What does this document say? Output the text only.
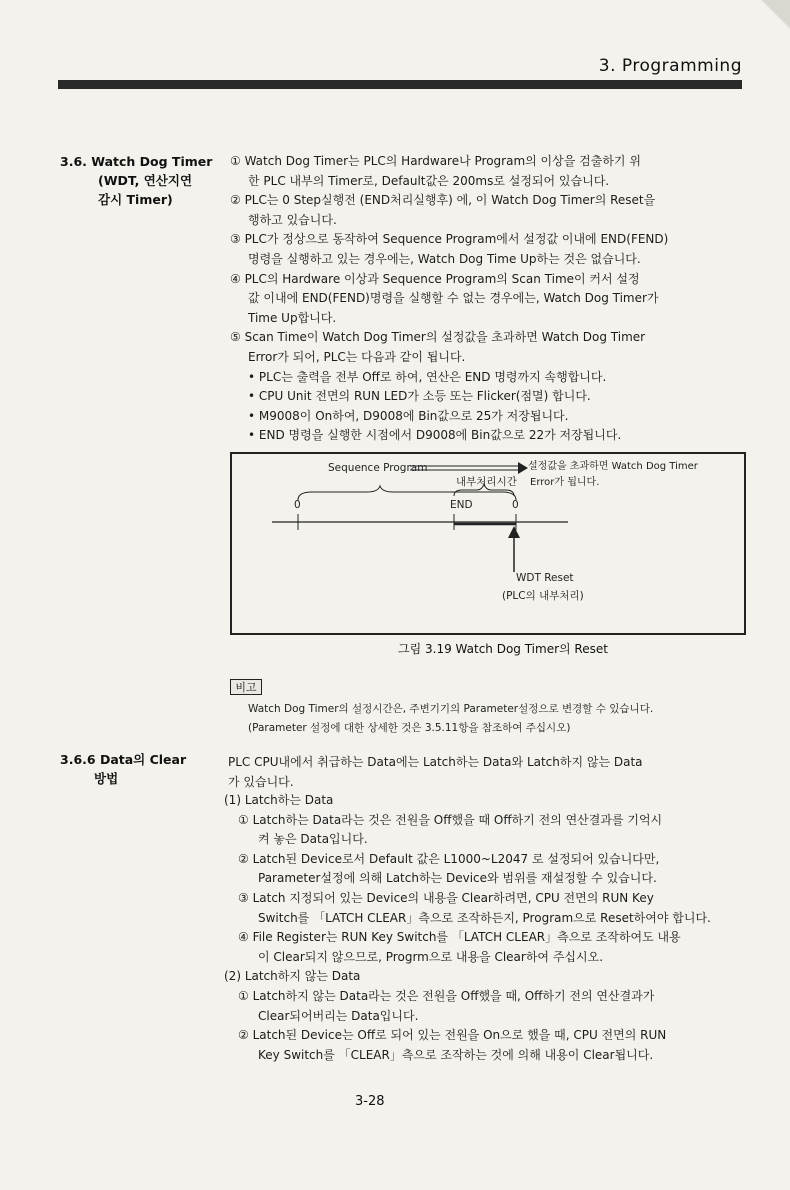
3. Programming
3.6. Watch Dog Timer
(WDT, 연산지연
감시 Timer)

① Watch Dog Timer는 PLC의 Hardware나 Program의 이상을 검출하기 위

한 PLC 내부의 Timer로, Default값은 200ms로 설정되어 있습니다.

② PLC는 0 Step실행전 (END처리실행후) 에, 이 Watch Dog Timer의 Reset을

행하고 있습니다.

③ PLC가 정상으로 동작하여 Sequence Program에서 설정값 이내에 END(FEND)

명령을 실행하고 있는 경우에는, Watch Dog Time Up하는 것은 없습니다.

④ PLC의 Hardware 이상과 Sequence Program의 Scan Time이 커서 설정

값 이내에 END(FEND)명령을 실행할 수 없는 경우에는, Watch Dog Timer가

Time Up합니다.

⑤ Scan Time이 Watch Dog Timer의 설정값을 초과하면 Watch Dog Timer

Error가 되어, PLC는 다음과 같이 됩니다.

• PLC는 출력을 전부 Off로 하여, 연산은 END 명령까지 속행합니다.

• CPU Unit 전면의 RUN LED가 소등 또는 Flicker(점멸) 합니다.

• M9008이 On하여, D9008에 Bin값으로 25가 저장됩니다.

• END 명령을 실행한 시점에서 D9008에 Bin값으로 22가 저장됩니다.

Sequence Program
내부처리시간
설정값을 초과하면 Watch Dog Timer
Error가 됩니다.
0	END	0
WDT Reset
(PLC의 내부처리)
그림 3.19 Watch Dog Timer의 Reset
비고

Watch Dog Timer의 설정시간은, 주변기기의 Parameter설정으로 변경할 수 있습니다.

(Parameter 설정에 대한 상세한 것은 3.5.11항을 참조하여 주십시오)

3.6.6 Data의 Clear
방법

PLC CPU내에서 취급하는 Data에는 Latch하는 Data와 Latch하지 않는 Data

가 있습니다.

(1) Latch하는 Data

① Latch하는 Data라는 것은 전원을 Off했을 때 Off하기 전의 연산결과를 기억시

켜 놓은 Data입니다.

② Latch된 Device로서 Default 값은 L1000~L2047 로 설정되어 있습니다만,

Parameter설정에 의해 Latch하는 Device와 범위를 재설정할 수 있습니다.

③ Latch 지정되어 있는 Device의 내용을 Clear하려면, CPU 전면의 RUN Key

Switch를 「LATCH CLEAR」측으로 조작하든지, Program으로 Reset하여야 합니다.

④ File Register는 RUN Key Switch를 「LATCH CLEAR」측으로 조작하여도 내용

이 Clear되지 않으므로, Progrm으로 내용을 Clear하여 주십시오.

(2) Latch하지 않는 Data

① Latch하지 않는 Data라는 것은 전원을 Off했을 때, Off하기 전의 연산결과가

Clear되어버리는 Data입니다.

② Latch된 Device는 Off로 되어 있는 전원을 On으로 했을 때, CPU 전면의 RUN

Key Switch를 「CLEAR」측으로 조작하는 것에 의해 내용이 Clear됩니다.

3-28
